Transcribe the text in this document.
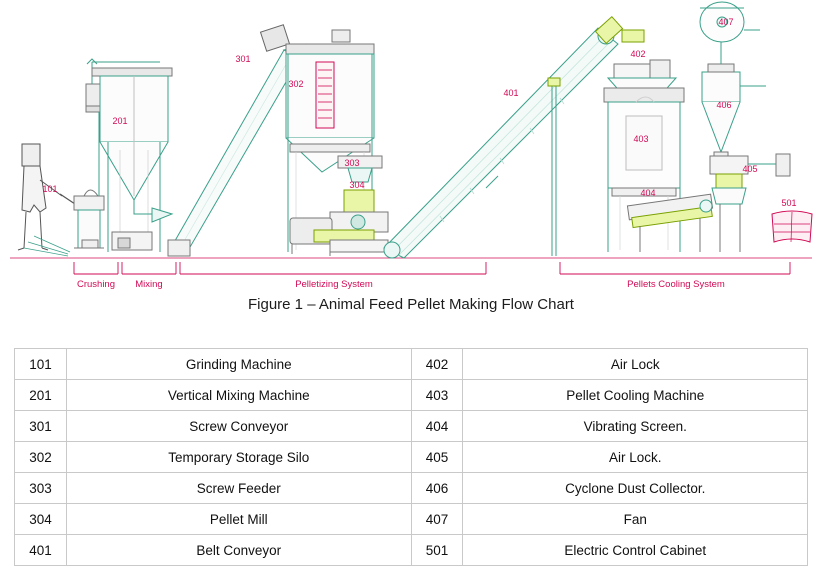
101
201
301
302
303
304
401
402
403
404
405
406
407
501
Crushing Mixing	Pelletizing System	Pellets Cooling System
Figure 1 – Animal Feed Pellet Making Flow Chart
101	Grinding Machine	402	Air Lock
201	Vertical Mixing Machine	403	Pellet Cooling Machine
301	Screw Conveyor	404	Vibrating Screen.
302	Temporary Storage Silo	405	Air Lock.
303	Screw Feeder	406	Cyclone Dust Collector.
304	Pellet Mill	407	Fan
401	Belt Conveyor	501	Electric Control Cabinet
